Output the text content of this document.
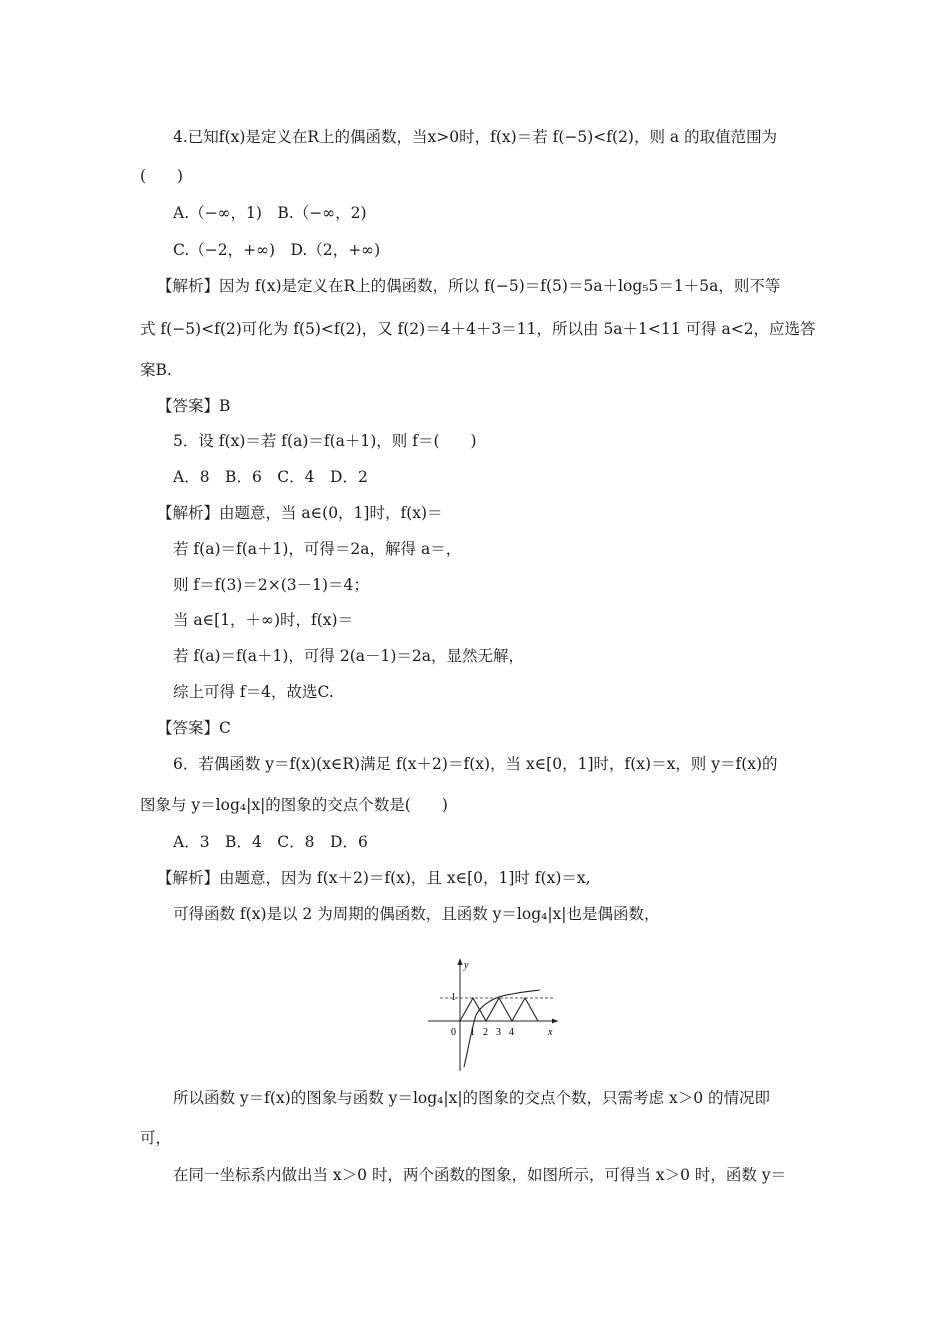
4.已知f(x)是定义在R上的偶函数，当x>0时，f(x)＝若 f(−5)<f(2)，则 a 的取值范围为
(　　)
A.（−∞，1)　B.（−∞，2)
C.（−2，+∞)　D.（2，+∞)
【解析】因为 f(x)是定义在R上的偶函数，所以 f(−5)＝f(5)＝5a＋log₅5＝1＋5a，则不等
式 f(−5)<f(2)可化为 f(5)<f(2)，又 f(2)＝4＋4＋3＝11，所以由 5a＋1<11 可得 a<2，应选答
案B.
【答案】B
5．设 f(x)＝若 f(a)＝f(a＋1)，则 f＝(　　)
A．8　B．6　C．4　D．2
【解析】由题意，当 a∈(0，1]时，f(x)＝
若 f(a)＝f(a＋1)，可得＝2a，解得 a＝，
则 f＝f(3)＝2×(3－1)＝4；
当 a∈[1，＋∞)时，f(x)＝
若 f(a)＝f(a＋1)，可得 2(a－1)＝2a，显然无解，
综上可得 f＝4，故选C.
【答案】C
6．若偶函数 y＝f(x)(x∈R)满足 f(x＋2)＝f(x)，当 x∈[0，1]时，f(x)＝x，则 y＝f(x)的
图象与 y＝log₄|x|的图象的交点个数是(　　)
A．3　B．4　C．8　D．6
【解析】由题意，因为 f(x＋2)＝f(x)，且 x∈[0，1]时 f(x)＝x,
可得函数 f(x)是以 2 为周期的偶函数，且函数 y＝log₄|x|也是偶函数，
y
x
1
0 1 2 3 4
所以函数 y＝f(x)的图象与函数 y＝log₄|x|的图象的交点个数，只需考虑 x＞0 的情况即
可，
在同一坐标系内做出当 x＞0 时，两个函数的图象，如图所示，可得当 x＞0 时，函数 y＝
